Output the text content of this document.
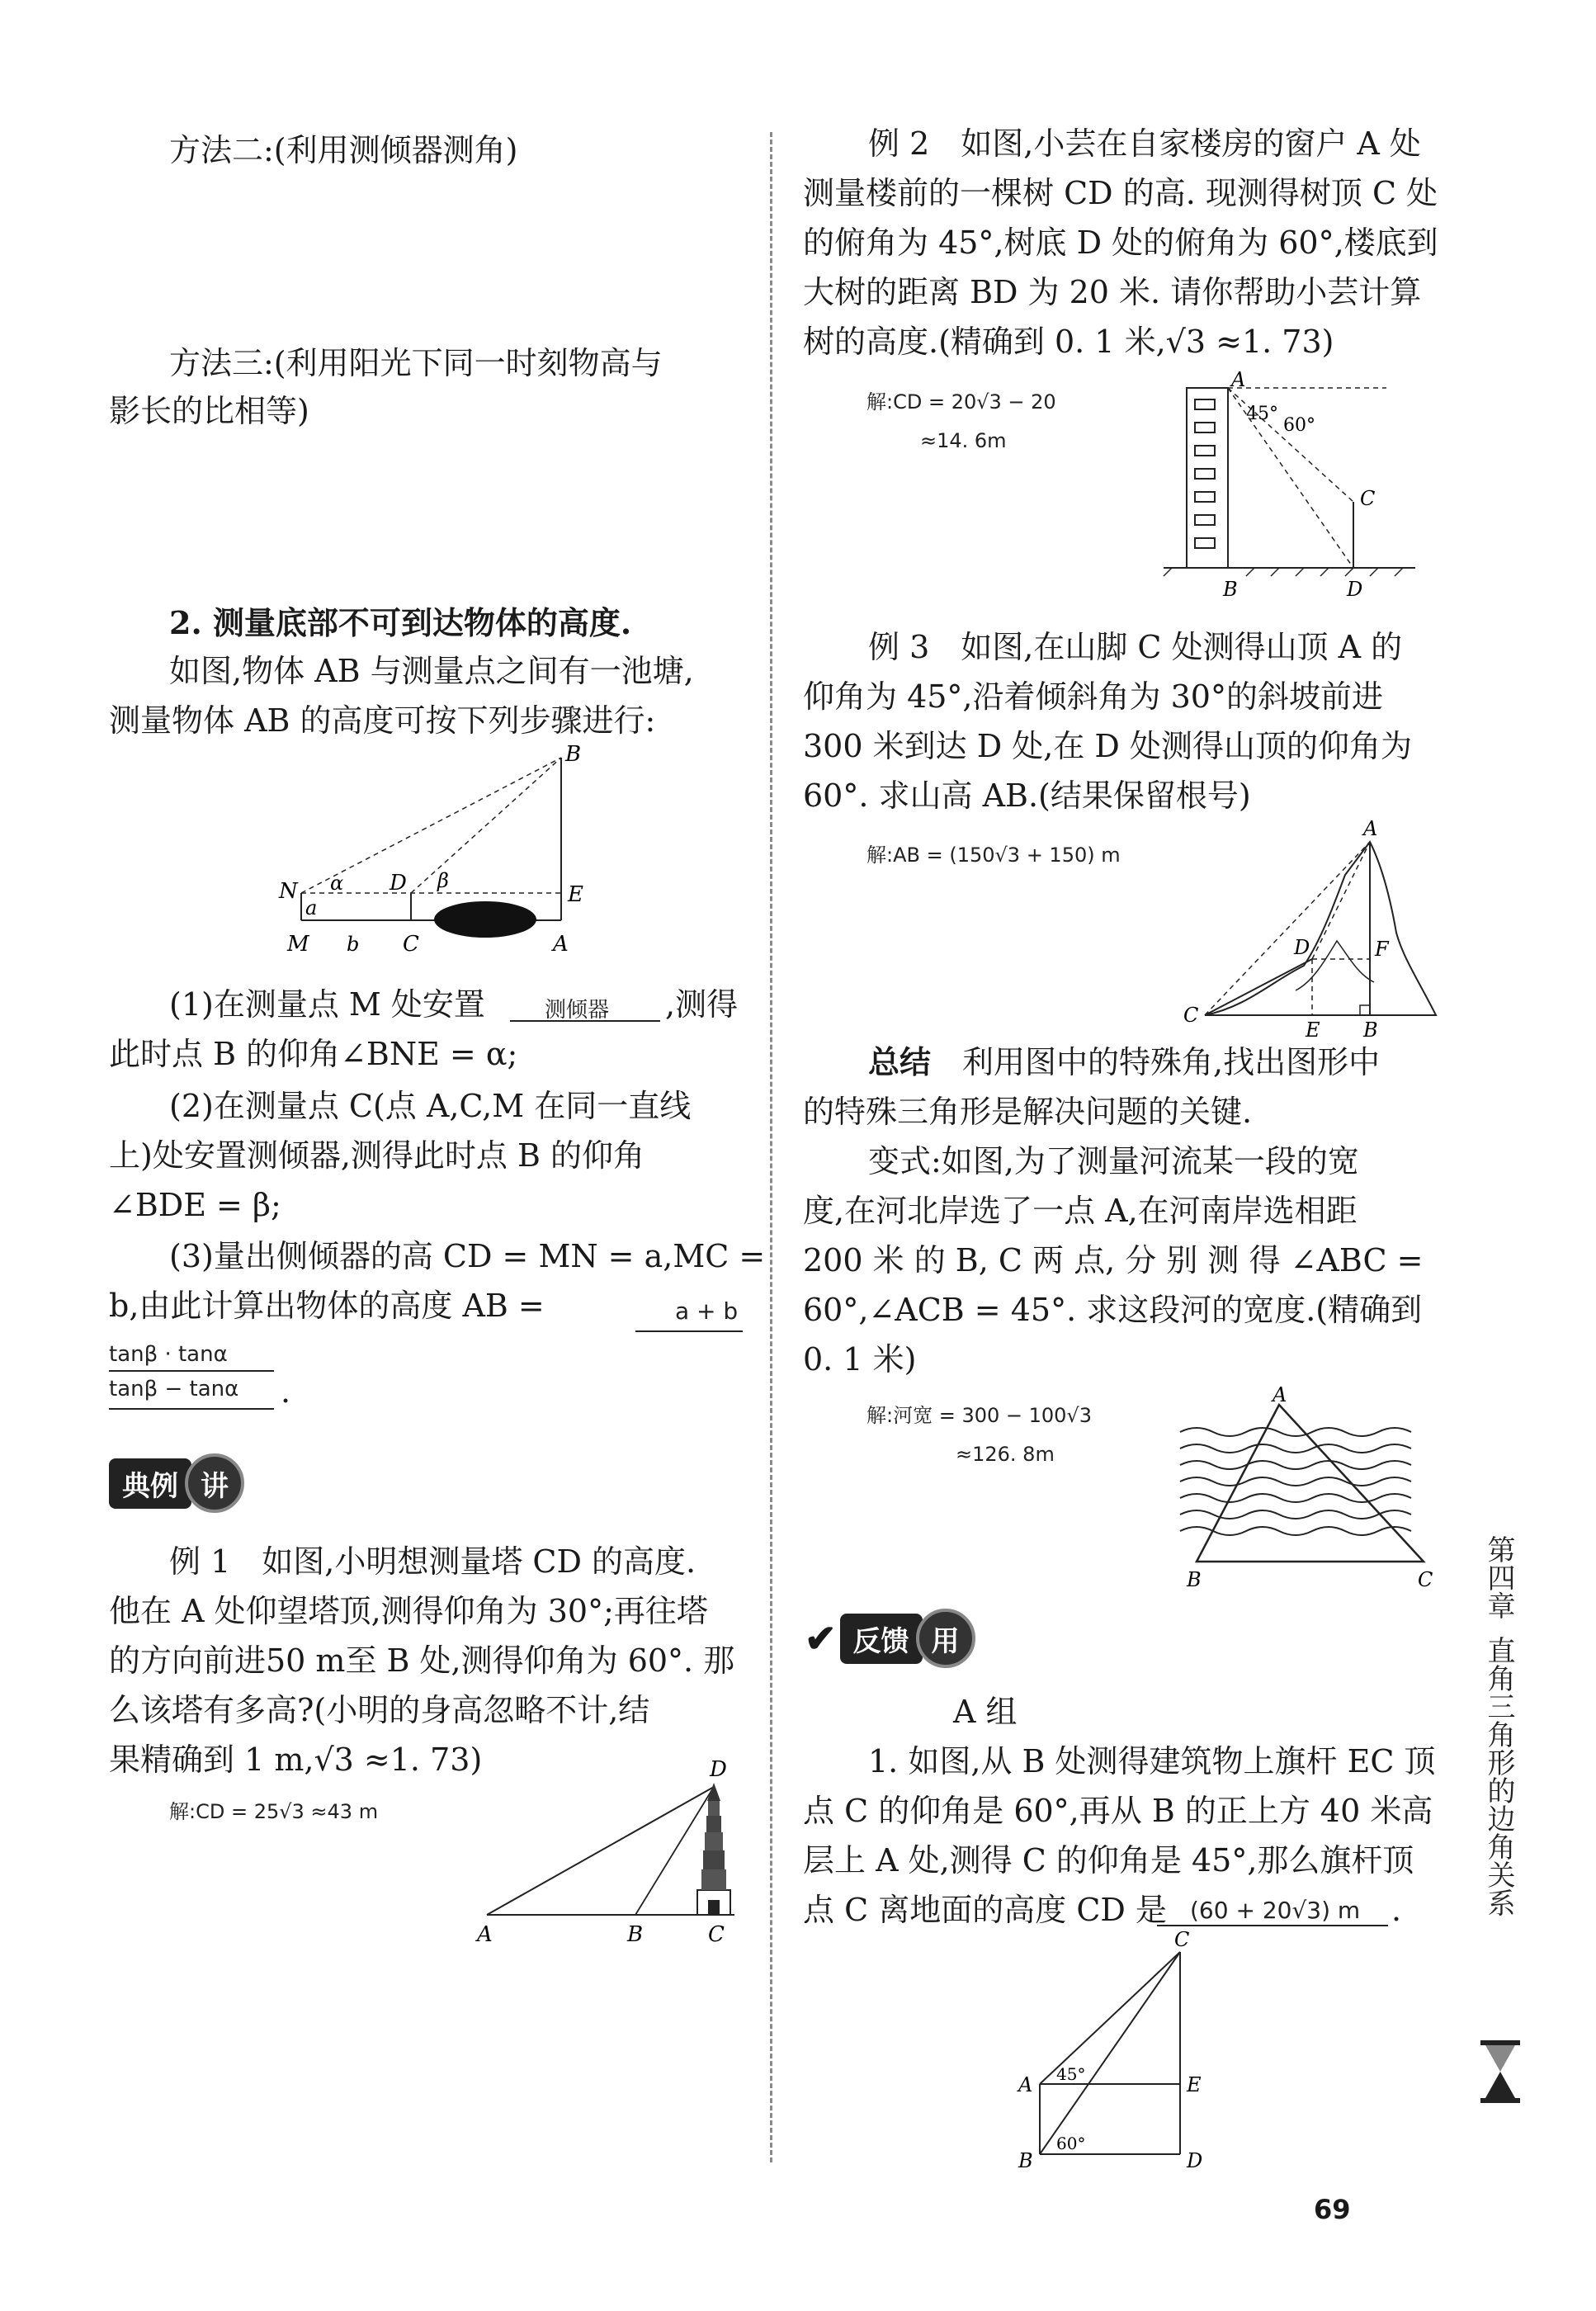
方法二:(利用测倾器测角)
方法三:(利用阳光下同一时刻物高与
影长的比相等)
2. 测量底部不可到达物体的高度.
如图,物体 AB 与测量点之间有一池塘,
测量物体 AB 的高度可按下列步骤进行:
B
N	D	E
M	C	A
a
b
α	β
(1)在测量点 M 处安置	测倾器 ,测得
此时点 B 的仰角∠BNE = α;
(2)在测量点 C(点 A,C,M 在同一直线
上)处安置测倾器,测得此时点 B 的仰角
∠BDE = β;
(3)量出侧倾器的高 CD = MN = a,MC =
b,由此计算出物体的高度 AB =	a + b
tanβ · tanα
tanβ − tanα .
典例 讲
例 1　如图,小明想测量塔 CD 的高度.
他在 A 处仰望塔顶,测得仰角为 30°;再往塔
的方向前进50 m至 B 处,测得仰角为 60°. 那
么该塔有多高?(小明的身高忽略不计,结
果精确到 1 m,√3 ≈1. 73)
解:CD = 25√3 ≈43 m
D
A	B	C
例 2　如图,小芸在自家楼房的窗户 A 处
测量楼前的一棵树 CD 的高. 现测得树顶 C 处
的俯角为 45°,树底 D 处的俯角为 60°,楼底到
大树的距离 BD 为 20 米. 请你帮助小芸计算
树的高度.(精确到 0. 1 米,√3 ≈1. 73)
解:CD = 20√3 − 20
≈14. 6m
A
45°
60°
C
B	D
例 3　如图,在山脚 C 处测得山顶 A 的
仰角为 45°,沿着倾斜角为 30°的斜坡前进
300 米到达 D 处,在 D 处测得山顶的仰角为
60°. 求山高 AB.(结果保留根号)
解:AB = (150√3 + 150) m
A
C
D
E B
F
总结　利用图中的特殊角,找出图形中
的特殊三角形是解决问题的关键.
变式:如图,为了测量河流某一段的宽
度,在河北岸选了一点 A,在河南岸选相距
200 米 的 B, C 两 点, 分 别 测 得 ∠ABC =
60°,∠ACB = 45°. 求这段河的宽度.(精确到
0. 1 米)
解:河宽 = 300 − 100√3
≈126. 8m
A
B	C
✔ 反馈 用
A 组
1. 如图,从 B 处测得建筑物上旗杆 EC 顶
点 C 的仰角是 60°,再从 B 的正上方 40 米高
层上 A 处,测得 C 的仰角是 45°,那么旗杆顶
点 C 离地面的高度 CD 是 (60 + 20√3) m .
C
A	E
B	D
45°
60°
第四章
直角三角形的边角关系
69
